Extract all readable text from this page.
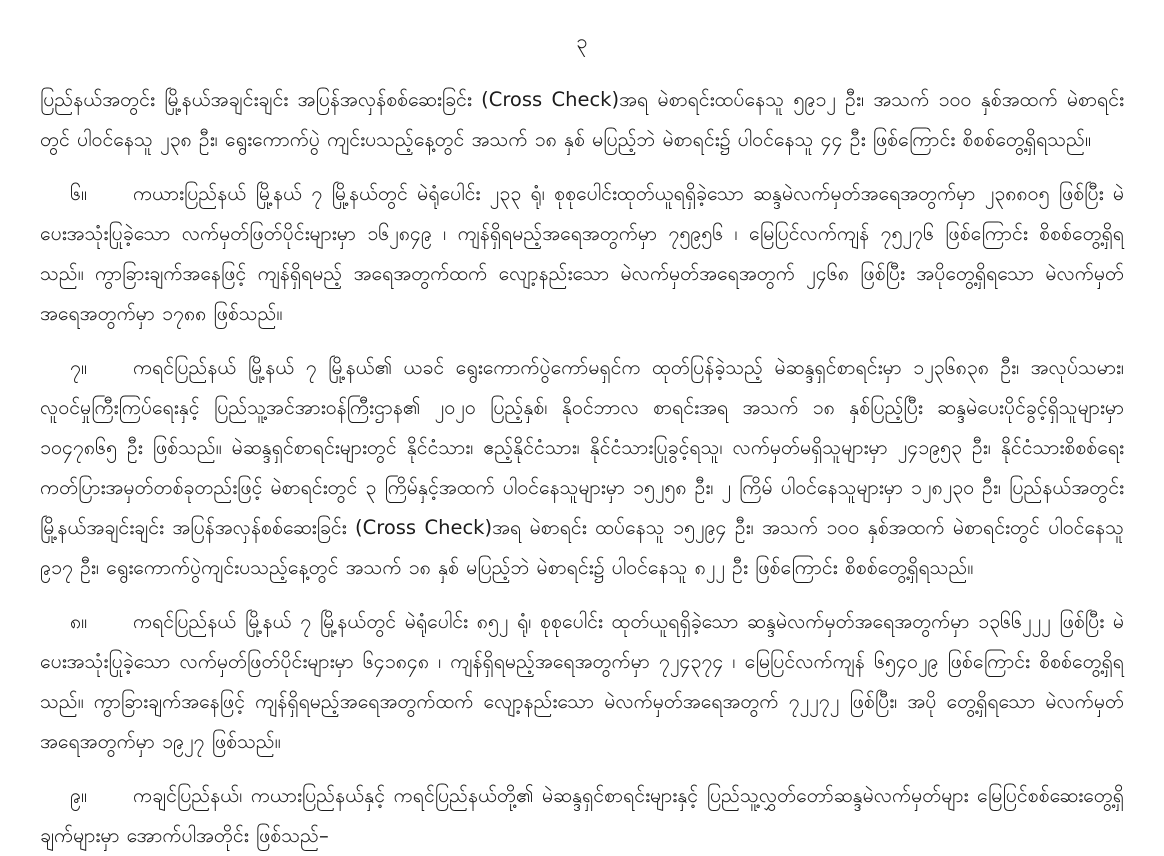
၃

ပြည်နယ်အတွင်း မြို့နယ်အချင်းချင်း အပြန်အလှန်စစ်ဆေးခြင်း (Cross Check)အရ မဲစာရင်းထပ်နေသူ ၅၉၁၂ ဦး၊ အသက် ၁၀၀ နှစ်အထက် မဲစာရင်းတွင် ပါဝင်နေသူ ၂၃၈ ဦး၊ ရွေးကောက်ပွဲ ကျင်းပသည့်နေ့တွင် အသက် ၁၈ နှစ် မပြည့်ဘဲ မဲစာရင်း၌ ပါဝင်နေသူ ၄၄ ဦး ဖြစ်ကြောင်း စိစစ်တွေ့ရှိရသည်။

၆။ ကယားပြည်နယ် မြို့နယ် ၇ မြို့နယ်တွင် မဲရုံပေါင်း ၂၃၃ ရုံ၊ စုစုပေါင်းထုတ်ယူရရှိခဲ့သော ဆန္ဒမဲလက်မှတ်အရေအတွက်မှာ ၂၃၈၈၀၅ ဖြစ်ပြီး မဲပေးအသုံးပြုခဲ့သော လက်မှတ်ဖြတ်ပိုင်းများမှာ ၁၆၂၈၄၉ ၊ ကျန်ရှိရမည့်အရေအတွက်မှာ ၇၅၉၅၆ ၊ မြေပြင်လက်ကျန် ၇၅၂၇၆ ဖြစ်ကြောင်း စိစစ်တွေ့ရှိရသည်။ ကွာခြားချက်အနေဖြင့် ကျန်ရှိရမည့် အရေအတွက်ထက် လျော့နည်းသော မဲလက်မှတ်အရေအတွက် ၂၄၆၈ ဖြစ်ပြီး အပိုတွေ့ရှိရသော မဲလက်မှတ် အရေအတွက်မှာ ၁၇၈၈ ဖြစ်သည်။

၇။ ကရင်ပြည်နယ် မြို့နယ် ၇ မြို့နယ်၏ ယခင် ရွေးကောက်ပွဲကော်မရှင်က ထုတ်ပြန်ခဲ့သည့် မဲဆန္ဒရှင်စာရင်းမှာ ၁၂၃၆၈၃၈ ဦး၊ အလုပ်သမား၊ လူဝင်မှုကြီးကြပ်ရေးနှင့် ပြည်သူ့အင်အားဝန်ကြီးဌာန၏ ၂၀၂၀ ပြည့်နှစ်၊ နိုဝင်ဘာလ စာရင်းအရ အသက် ၁၈ နှစ်ပြည့်ပြီး ဆန္ဒမဲပေးပိုင်ခွင့်ရှိသူများမှာ ၁၀၄၇၈၆၅ ဦး ဖြစ်သည်။ မဲဆန္ဒရှင်စာရင်းများတွင် နိုင်ငံသား၊ ဧည့်နိုင်ငံသား၊ နိုင်ငံသားပြုခွင့်ရသူ၊ လက်မှတ်မရှိသူများမှာ ၂၄၁၉၅၃ ဦး၊ နိုင်ငံသားစိစစ်ရေးကတ်ပြားအမှတ်တစ်ခုတည်းဖြင့် မဲစာရင်းတွင် ၃ ကြိမ်နှင့်အထက် ပါဝင်နေသူများမှာ ၁၅၂၅၈ ဦး၊ ၂ ကြိမ် ပါဝင်နေသူများမှာ ၁၂၈၂၃၀ ဦး၊ ပြည်နယ်အတွင်း မြို့နယ်အချင်းချင်း အပြန်အလှန်စစ်ဆေးခြင်း (Cross Check)အရ မဲစာရင်း ထပ်နေသူ ၁၅၂၉၄ ဦး၊ အသက် ၁၀၀ နှစ်အထက် မဲစာရင်းတွင် ပါဝင်နေသူ ၉၁၇ ဦး၊ ရွေးကောက်ပွဲကျင်းပသည့်နေ့တွင် အသက် ၁၈ နှစ် မပြည့်ဘဲ မဲစာရင်း၌ ပါဝင်နေသူ ၈၂၂ ဦး ဖြစ်ကြောင်း စိစစ်တွေ့ရှိရသည်။

၈။ ကရင်ပြည်နယ် မြို့နယ် ၇ မြို့နယ်တွင် မဲရုံပေါင်း ၈၅၂ ရုံ၊ စုစုပေါင်း ထုတ်ယူရရှိခဲ့သော ဆန္ဒမဲလက်မှတ်အရေအတွက်မှာ ၁၃၆၆၂၂၂ ဖြစ်ပြီး မဲပေးအသုံးပြုခဲ့သော လက်မှတ်ဖြတ်ပိုင်းများမှာ ၆၄၁၈၄၈ ၊ ကျန်ရှိရမည့်အရေအတွက်မှာ ၇၂၄၃၇၄ ၊ မြေပြင်လက်ကျန် ၆၅၄၀၂၉ ဖြစ်ကြောင်း စိစစ်တွေ့ရှိရသည်။ ကွာခြားချက်အနေဖြင့် ကျန်ရှိရမည့်အရေအတွက်ထက် လျော့နည်းသော မဲလက်မှတ်အရေအတွက် ၇၂၂၇၂ ဖြစ်ပြီး၊ အပို တွေ့ရှိရသော မဲလက်မှတ် အရေအတွက်မှာ ၁၉၂၇ ဖြစ်သည်။

၉။ ကချင်ပြည်နယ်၊ ကယားပြည်နယ်နှင့် ကရင်ပြည်နယ်တို့၏ မဲဆန္ဒရှင်စာရင်းများနှင့် ပြည်သူ့လွှတ်တော်ဆန္ဒမဲလက်မှတ်များ မြေပြင်စစ်ဆေးတွေ့ရှိချက်များမှာ အောက်ပါအတိုင်း ဖြစ်သည်–
